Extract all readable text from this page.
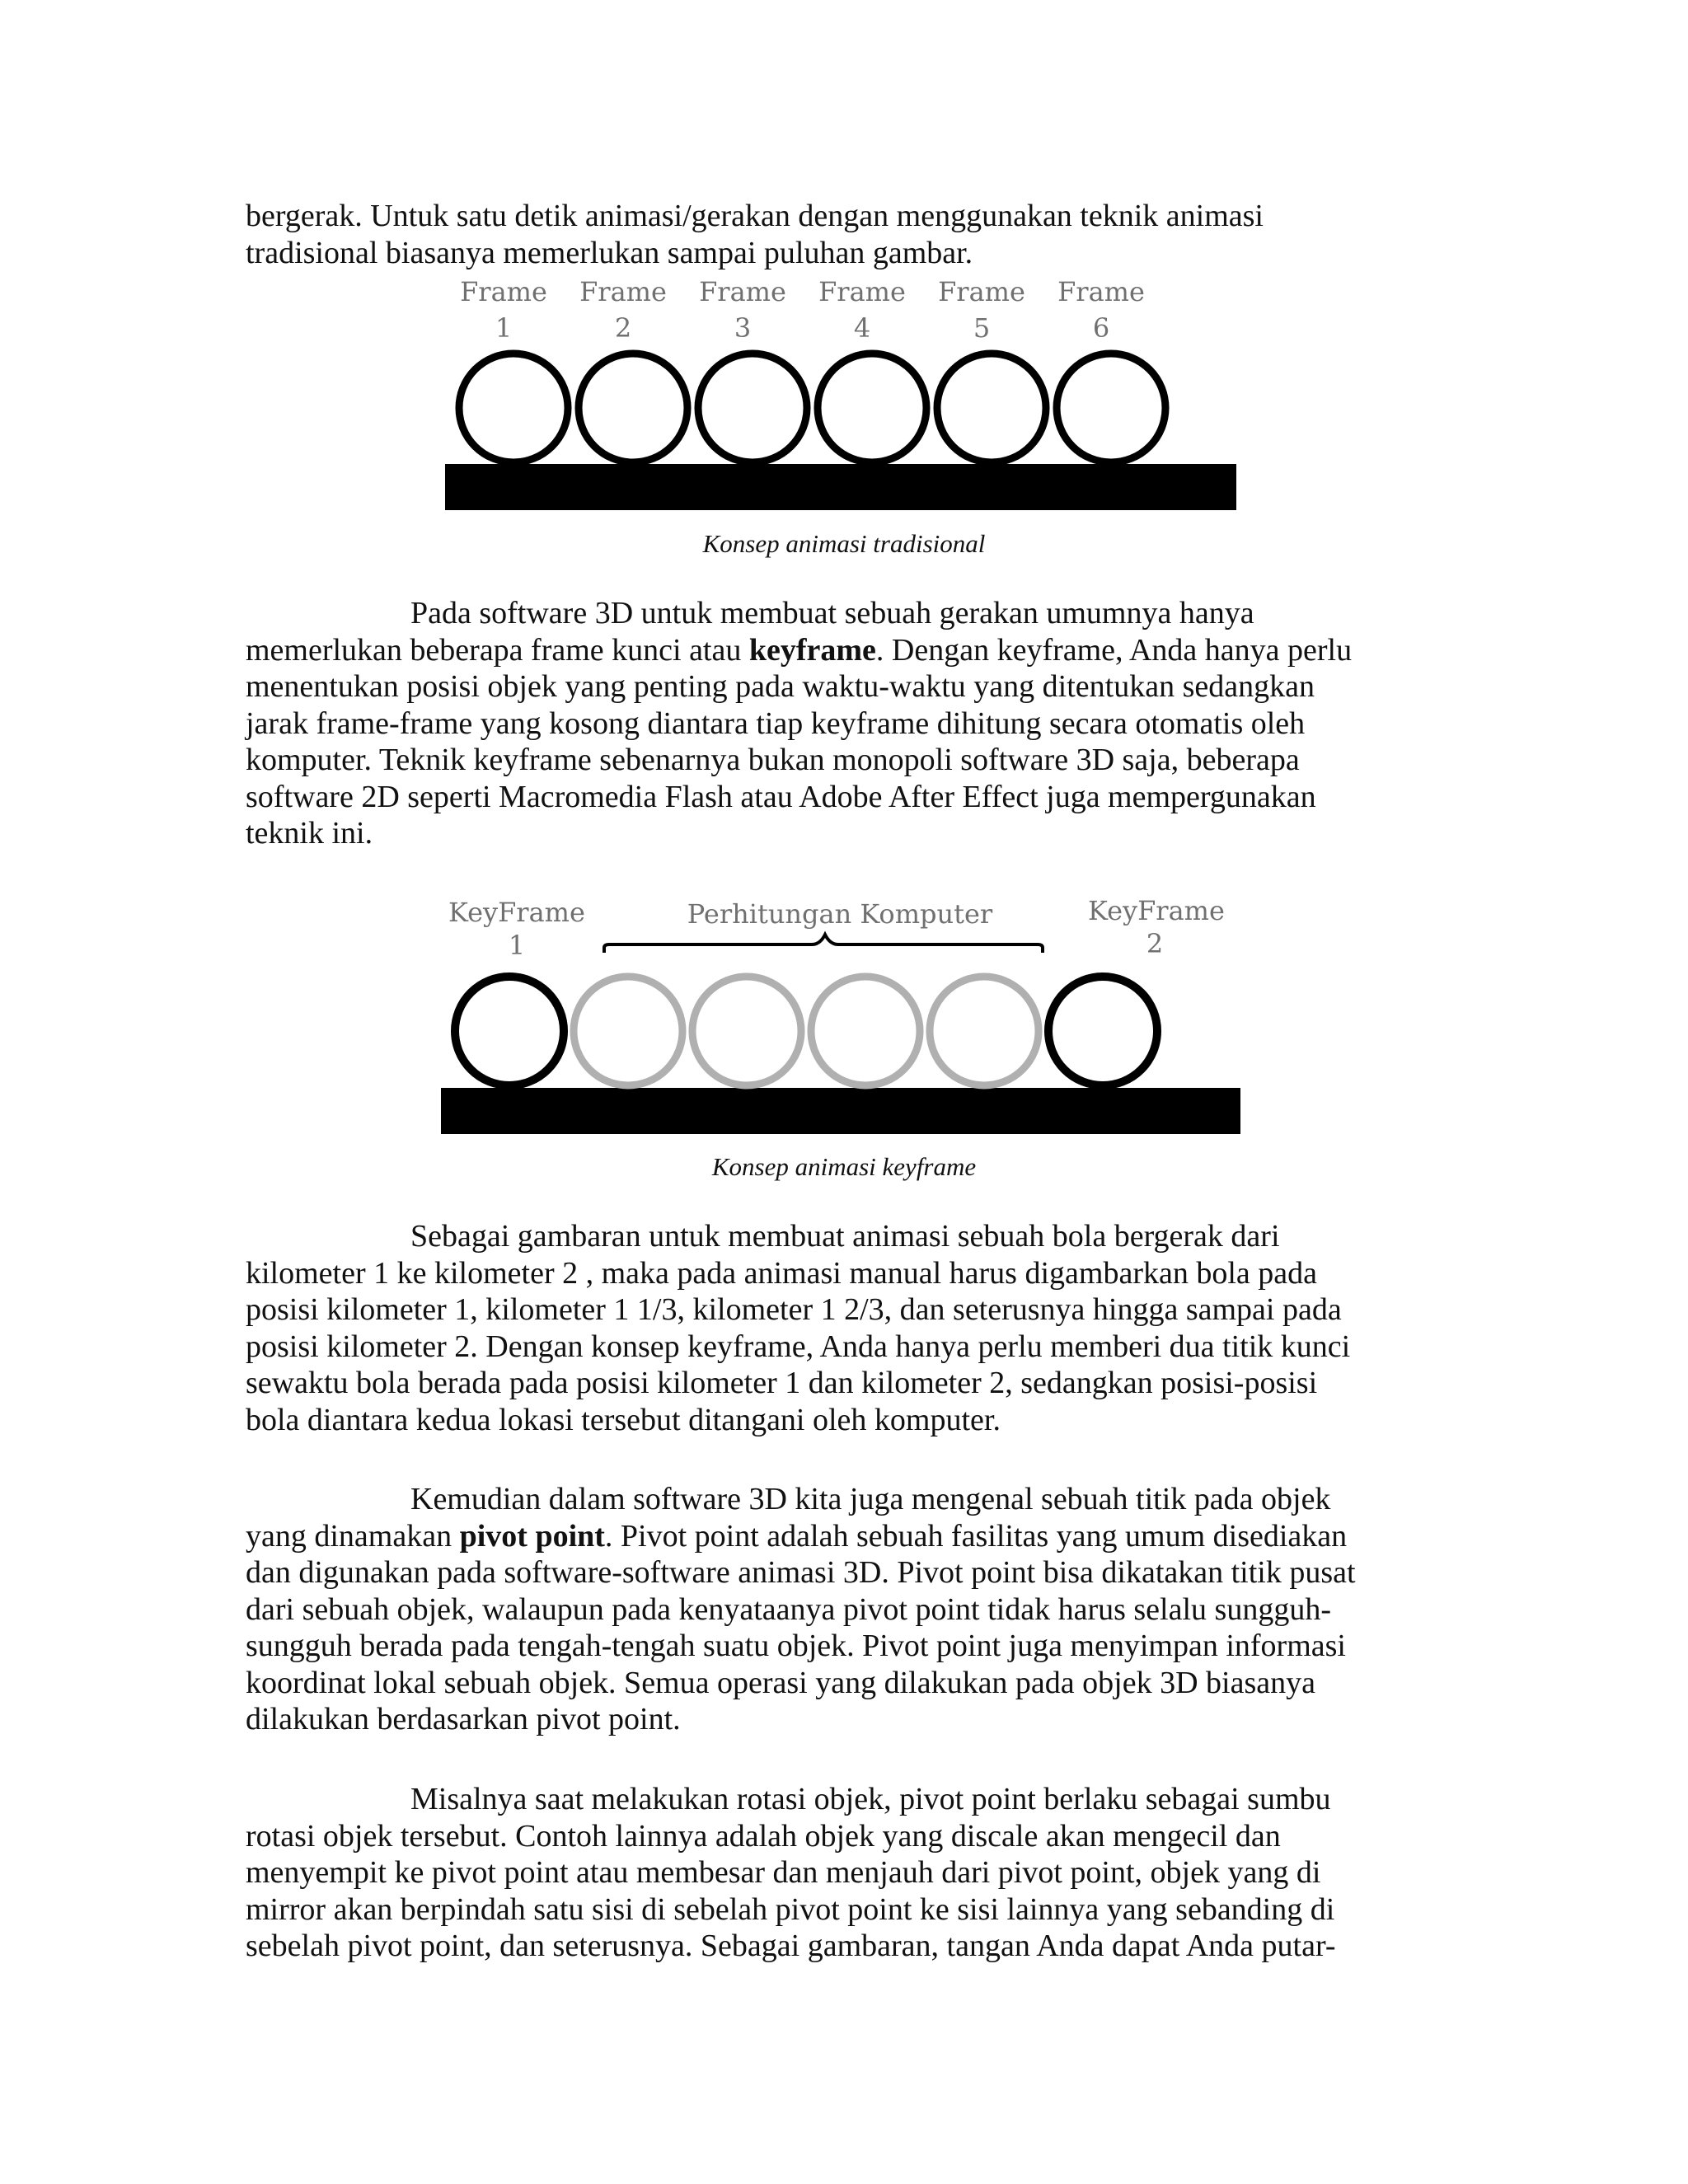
bergerak. Untuk satu detik animasi/gerakan dengan menggunakan teknik animasi
tradisional biasanya memerlukan sampai puluhan gambar.

Frame
1
Frame
2
Frame
3
Frame
4
Frame
5
Frame
6

Konsep animasi tradisional

Pada software 3D untuk membuat sebuah gerakan umumnya hanya
memerlukan beberapa frame kunci atau keyframe. Dengan keyframe, Anda hanya perlu
menentukan posisi objek yang penting pada waktu-waktu yang ditentukan sedangkan
jarak frame-frame yang kosong diantara tiap keyframe dihitung secara otomatis oleh
komputer. Teknik keyframe sebenarnya bukan monopoli software 3D saja, beberapa
software 2D seperti Macromedia Flash atau Adobe After Effect juga mempergunakan
teknik ini.

KeyFrame
1
Perhitungan Komputer	KeyFrame
2

Konsep animasi keyframe

Sebagai gambaran untuk membuat animasi sebuah bola bergerak dari
kilometer 1 ke kilometer 2 , maka pada animasi manual harus digambarkan bola pada
posisi kilometer 1, kilometer 1 1/3, kilometer 1 2/3, dan seterusnya hingga sampai pada
posisi kilometer 2. Dengan konsep keyframe, Anda hanya perlu memberi dua titik kunci
sewaktu bola berada pada posisi kilometer 1 dan kilometer 2, sedangkan posisi-posisi
bola diantara kedua lokasi tersebut ditangani oleh komputer.

Kemudian dalam software 3D kita juga mengenal sebuah titik pada objek
yang dinamakan pivot point. Pivot point adalah sebuah fasilitas yang umum disediakan
dan digunakan pada software-software animasi 3D. Pivot point bisa dikatakan titik pusat
dari sebuah objek, walaupun pada kenyataanya pivot point tidak harus selalu sungguh-
sungguh berada pada tengah-tengah suatu objek. Pivot point juga menyimpan informasi
koordinat lokal sebuah objek. Semua operasi yang dilakukan pada objek 3D biasanya
dilakukan berdasarkan pivot point.

Misalnya saat melakukan rotasi objek, pivot point berlaku sebagai sumbu
rotasi objek tersebut. Contoh lainnya adalah objek yang discale akan mengecil dan
menyempit ke pivot point atau membesar dan menjauh dari pivot point, objek yang di
mirror akan berpindah satu sisi di sebelah pivot point ke sisi lainnya yang sebanding di
sebelah pivot point, dan seterusnya. Sebagai gambaran, tangan Anda dapat Anda putar-
